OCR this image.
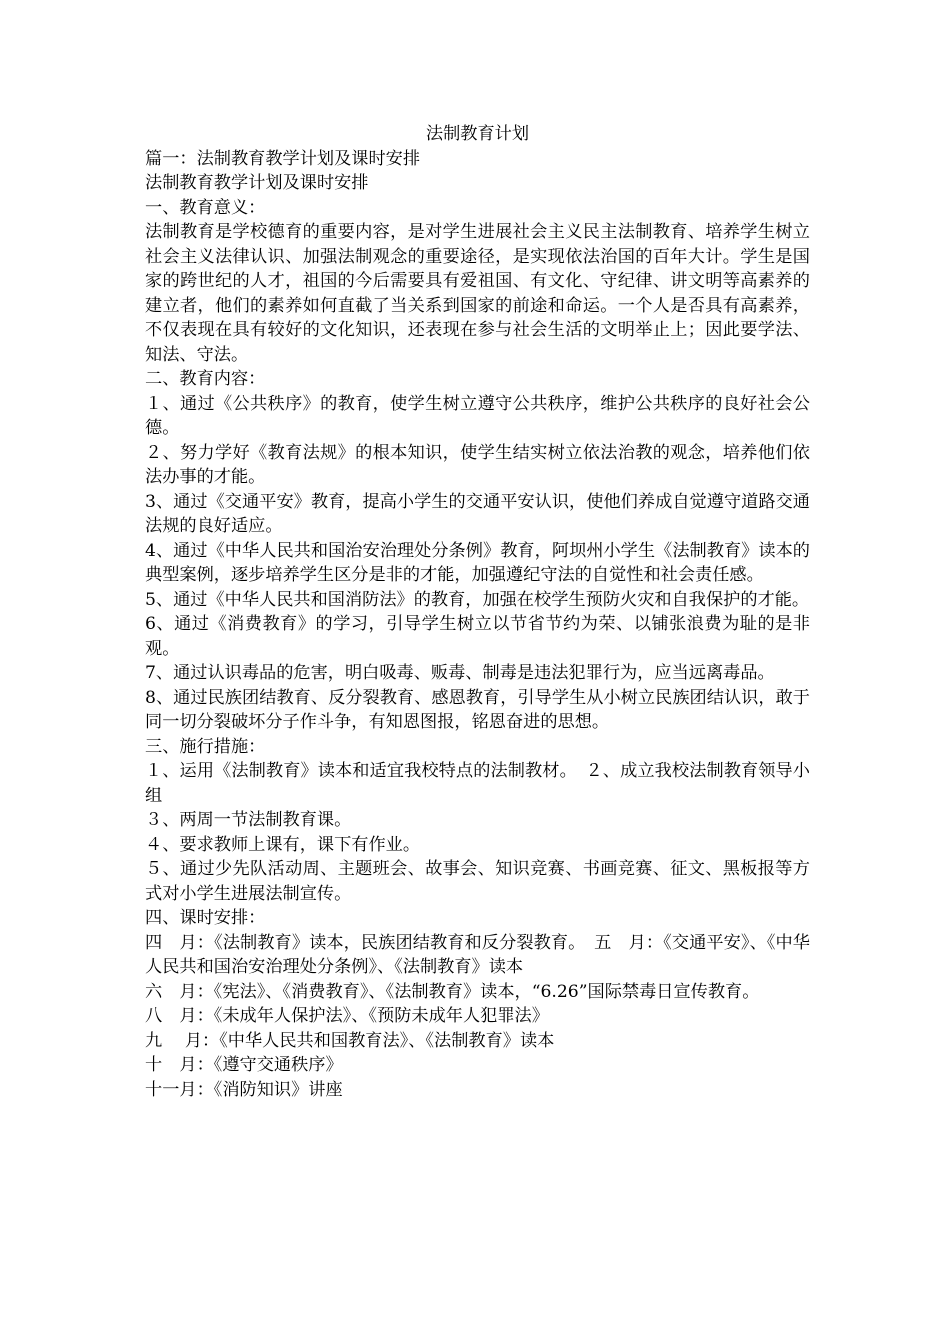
法制教育计划

篇一：法制教育教学计划及课时安排

法制教育教学计划及课时安排

一、教育意义：

法制教育是学校德育的重要内容，是对学生进展社会主义民主法制教育、培养学生树立社会主义法律认识、加强法制观念的重要途径，是实现依法治国的百年大计。学生是国家的跨世纪的人才，祖国的今后需要具有爱祖国、有文化、守纪律、讲文明等高素养的建立者，他们的素养如何直截了当关系到国家的前途和命运。一个人是否具有高素养，不仅表现在具有较好的文化知识，还表现在参与社会生活的文明举止上；因此要学法、知法、守法。

二、教育内容：

１、通过《公共秩序》的教育，使学生树立遵守公共秩序，维护公共秩序的良好社会公德。

２、努力学好《教育法规》的根本知识，使学生结实树立依法治教的观念，培养他们依法办事的才能。

3、通过《交通平安》教育，提高小学生的交通平安认识，使他们养成自觉遵守道路交通法规的良好适应。

4、通过《中华人民共和国治安治理处分条例》教育，阿坝州小学生《法制教育》读本的典型案例，逐步培养学生区分是非的才能，加强遵纪守法的自觉性和社会责任感。

5、通过《中华人民共和国消防法》的教育，加强在校学生预防火灾和自我保护的才能。

6、通过《消费教育》的学习，引导学生树立以节省节约为荣、以铺张浪费为耻的是非观。

7、通过认识毒品的危害，明白吸毒、贩毒、制毒是违法犯罪行为，应当远离毒品。

8、通过民族团结教育、反分裂教育、感恩教育，引导学生从小树立民族团结认识，敢于同一切分裂破坏分子作斗争，有知恩图报，铭恩奋进的思想。

三、施行措施：

１、运用《法制教育》读本和适宜我校特点的法制教材。　２、成立我校法制教育领导小组

３、两周一节法制教育课。

４、要求教师上课有，课下有作业。

５、通过少先队活动周、主题班会、故事会、知识竞赛、书画竞赛、征文、黑板报等方式对小学生进展法制宣传。

四、课时安排：

四　月：《法制教育》读本，民族团结教育和反分裂教育。　五　月：《交通平安》、《中华人民共和国治安治理处分条例》、《法制教育》读本

六　月：《宪法》、《消费教育》、《法制教育》读本，“6.26”国际禁毒日宣传教育。

八　月：《未成年人保护法》、《预防未成年人犯罪法》

九　 月：《中华人民共和国教育法》、《法制教育》读本

十　月：《遵守交通秩序》

十一月：《消防知识》讲座
